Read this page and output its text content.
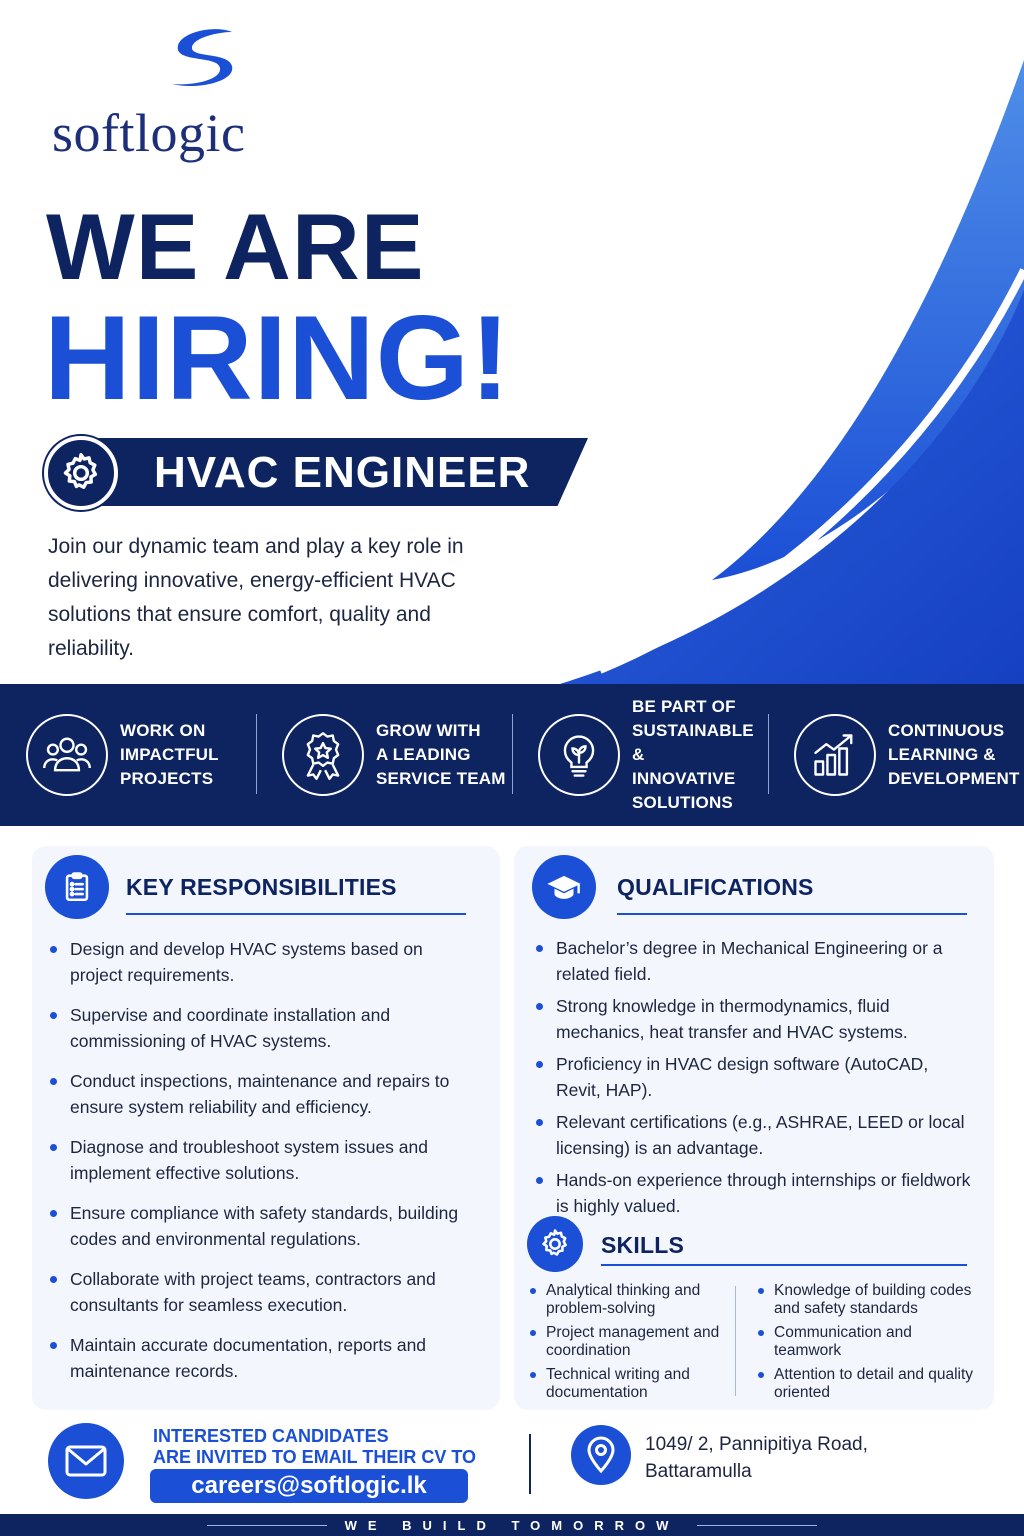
softlogic
WE ARE
HIRING!
HVAC ENGINEER

Join our dynamic team and play a key role in delivering innovative, energy-efficient HVAC solutions that ensure comfort, quality and reliability.

WORK ON
IMPACTFUL
PROJECTS
GROW WITH
A LEADING
SERVICE TEAM
BE PART OF
SUSTAINABLE &
INNOVATIVE
SOLUTIONS
CONTINUOUS
LEARNING &
DEVELOPMENT
KEY RESPONSIBILITIES
Design and develop HVAC systems based on project requirements.
Supervise and coordinate installation and commissioning of HVAC systems.
Conduct inspections, maintenance and repairs to ensure system reliability and efficiency.
Diagnose and troubleshoot system issues and implement effective solutions.
Ensure compliance with safety standards, building codes and environmental regulations.
Collaborate with project teams, contractors and consultants for seamless execution.
Maintain accurate documentation, reports and maintenance records.
QUALIFICATIONS
Bachelor’s degree in Mechanical Engineering or a related field.
Strong knowledge in thermodynamics, fluid mechanics, heat transfer and HVAC systems.
Proficiency in HVAC design software (AutoCAD, Revit, HAP).
Relevant certifications (e.g., ASHRAE, LEED or local licensing) is an advantage.
Hands-on experience through internships or fieldwork is highly valued.
SKILLS
Analytical thinking and problem-solving
Project management and coordination
Technical writing and documentation
Knowledge of building codes and safety standards
Communication and teamwork
Attention to detail and quality oriented
INTERESTED CANDIDATES
ARE INVITED TO EMAIL THEIR CV TO
careers@softlogic.lk
1049/ 2, Pannipitiya Road,
Battaramulla
WE BUILD TOMORROW
